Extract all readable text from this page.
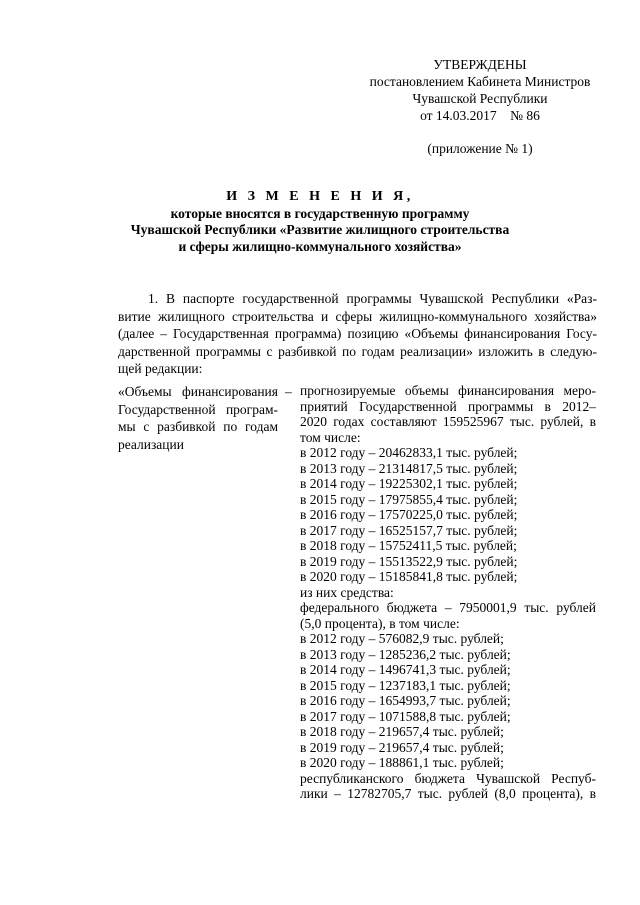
УТВЕРЖДЕНЫ
постановлением Кабинета Министров
Чувашской Республики
от 14.03.2017    № 86
(приложение № 1)
И З М Е Н Е Н И Я,
которые вносятся в государственную программу
Чувашской Республики «Развитие жилищного строительства
и сферы жилищно-коммунального хозяйства»
1. В паспорте государственной программы Чувашской Республики «Раз-
витие жилищного строительства и сферы жилищно-коммунального хозяйства»
(далее – Государственная программа) позицию «Объемы финансирования Госу-
дарственной программы с разбивкой по годам реализации» изложить в следую-
щей редакции:
«Объемы финансирования
Государственной програм-
мы с разбивкой по годам
реализации
– прогнозируемые объемы финансирования меро-
приятий Государственной программы в 2012–
2020 годах составляют 159525967 тыс. рублей, в
том числе:
в 2012 году – 20462833,1 тыс. рублей;
в 2013 году – 21314817,5 тыс. рублей;
в 2014 году – 19225302,1 тыс. рублей;
в 2015 году – 17975855,4 тыс. рублей;
в 2016 году – 17570225,0 тыс. рублей;
в 2017 году – 16525157,7 тыс. рублей;
в 2018 году – 15752411,5 тыс. рублей;
в 2019 году – 15513522,9 тыс. рублей;
в 2020 году – 15185841,8 тыс. рублей;
из них средства:
федерального бюджета – 7950001,9 тыс. рублей
(5,0 процента), в том числе:
в 2012 году – 576082,9 тыс. рублей;
в 2013 году – 1285236,2 тыс. рублей;
в 2014 году – 1496741,3 тыс. рублей;
в 2015 году – 1237183,1 тыс. рублей;
в 2016 году – 1654993,7 тыс. рублей;
в 2017 году – 1071588,8 тыс. рублей;
в 2018 году – 219657,4 тыс. рублей;
в 2019 году – 219657,4 тыс. рублей;
в 2020 году – 188861,1 тыс. рублей;
республиканского бюджета Чувашской Респуб-
лики – 12782705,7 тыс. рублей (8,0 процента), в
